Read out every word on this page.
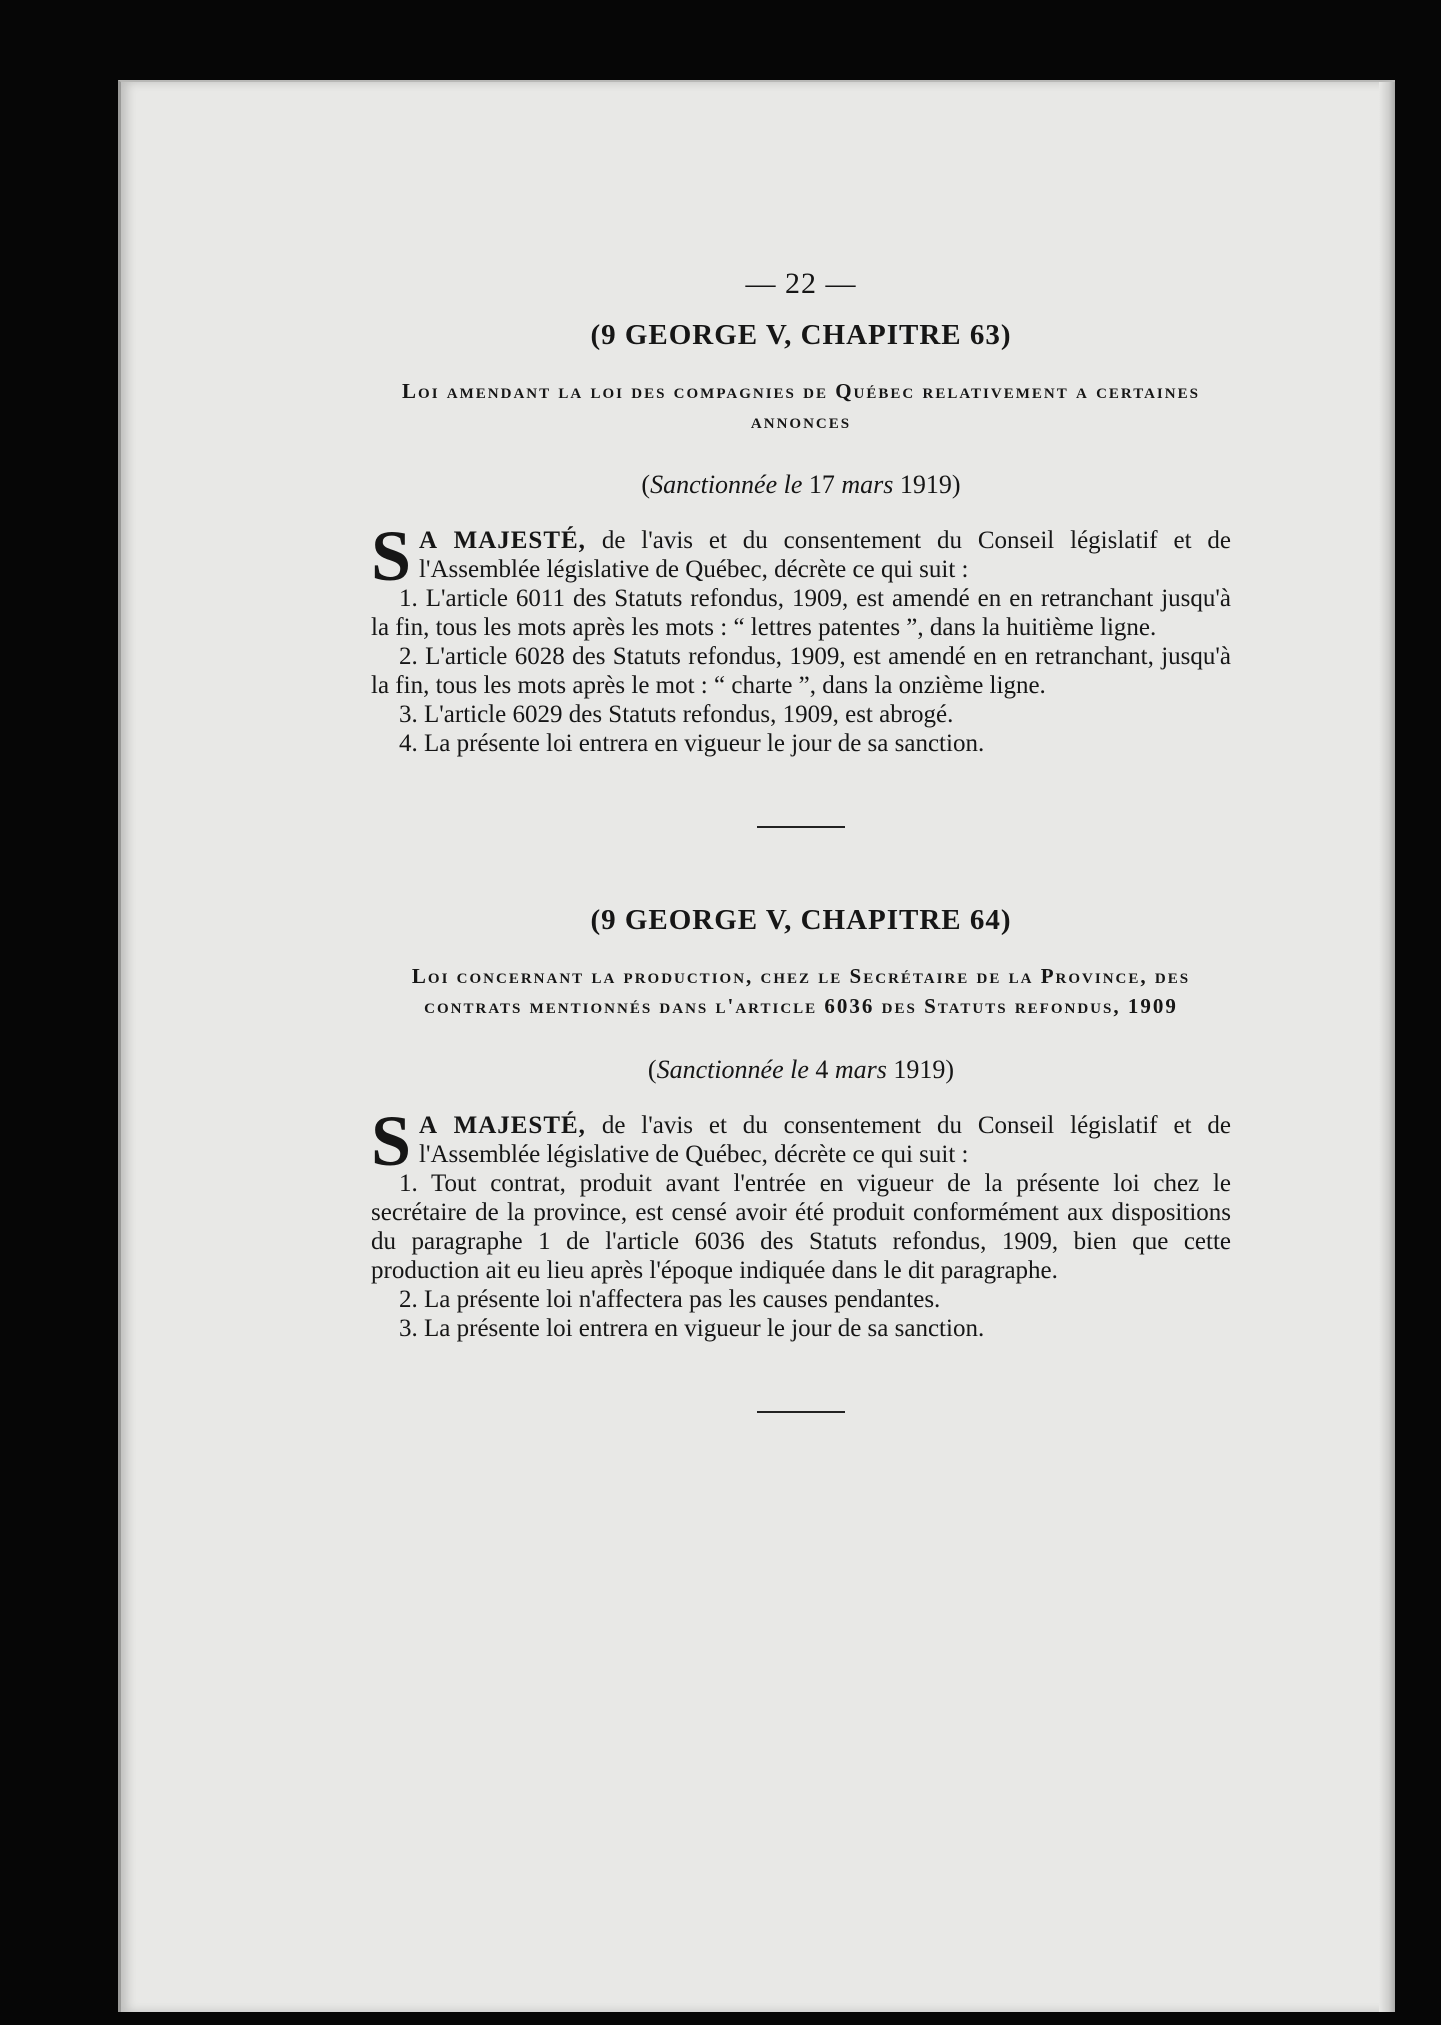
— 22 —
(9 GEORGE V, CHAPITRE 63)
Loi amendant la loi des compagnies de Québec relativement a certaines annonces
(Sanctionnée le 17 mars 1919)

S A MAJESTÉ, de l'avis et du consentement du Conseil législatif et de l'Assemblée législative de Québec, décrète ce qui suit :

1. L'article 6011 des Statuts refondus, 1909, est amendé en en retranchant jusqu'à la fin, tous les mots après les mots : “ lettres patentes ”, dans la huitième ligne.

2. L'article 6028 des Statuts refondus, 1909, est amendé en en retranchant, jusqu'à la fin, tous les mots après le mot : “ charte ”, dans la onzième ligne.

3. L'article 6029 des Statuts refondus, 1909, est abrogé.

4. La présente loi entrera en vigueur le jour de sa sanction.

(9 GEORGE V, CHAPITRE 64)
Loi concernant la production, chez le Secrétaire de la Province, des contrats mentionnés dans l'article 6036 des Statuts refondus, 1909
(Sanctionnée le 4 mars 1919)

S A MAJESTÉ, de l'avis et du consentement du Conseil législatif et de l'Assemblée législative de Québec, décrète ce qui suit :

1. Tout contrat, produit avant l'entrée en vigueur de la présente loi chez le secrétaire de la province, est censé avoir été produit conformément aux dispositions du paragraphe 1 de l'article 6036 des Statuts refondus, 1909, bien que cette production ait eu lieu après l'époque indiquée dans le dit paragraphe.

2. La présente loi n'affectera pas les causes pendantes.

3. La présente loi entrera en vigueur le jour de sa sanction.
